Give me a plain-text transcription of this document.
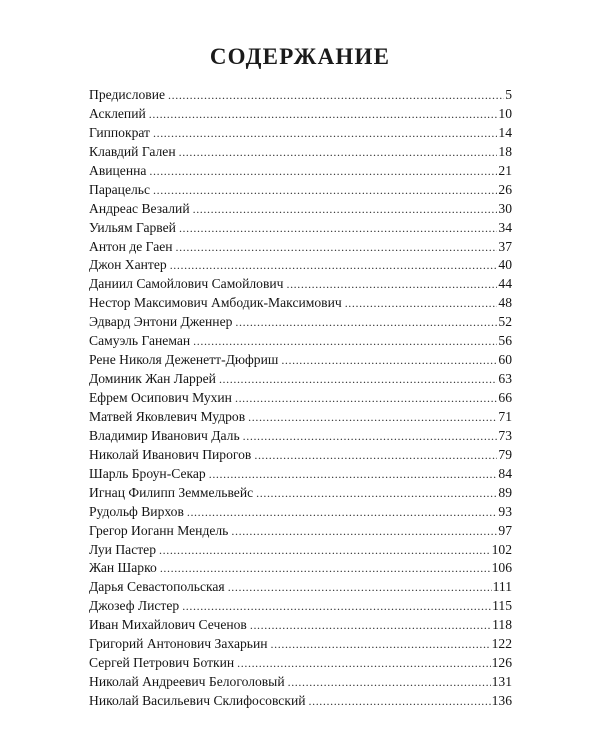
СОДЕРЖАНИЕ
Предисловие .....	5
Асклепий .....	10
Гиппократ .....	14
Клавдий Гален .....	18
Авиценна .....	21
Парацельс .....	26
Андреас Везалий .....	30
Уильям Гарвей .....	34
Антон де Гаен .....	37
Джон Хантер .....	40
Даниил Самойлович Самойлович .....	44
Нестор Максимович Амбодик-Максимович .....	48
Эдвард Энтони Дженнер .....	52
Самуэль Ганеман .....	56
Рене Николя Деженетт-Дюфриш .....	60
Доминик Жан Ларрей .....	63
Ефрем Осипович Мухин .....	66
Матвей Яковлевич Мудров .....	71
Владимир Иванович Даль .....	73
Николай Иванович Пирогов .....	79
Шарль Броун-Секар .....	84
Игнац Филипп Земмельвейс .....	89
Рудольф Вирхов .....	93
Грегор Иоганн Мендель .....	97
Луи Пастер .....	102
Жан Шарко .....	106
Дарья Севастопольская .....	111
Джозеф Листер .....	115
Иван Михайлович Сеченов .....	118
Григорий Антонович Захарьин .....	122
Сергей Петрович Боткин .....	126
Николай Андреевич Белоголовый .....	131
Николай Васильевич Склифосовский .....	136
